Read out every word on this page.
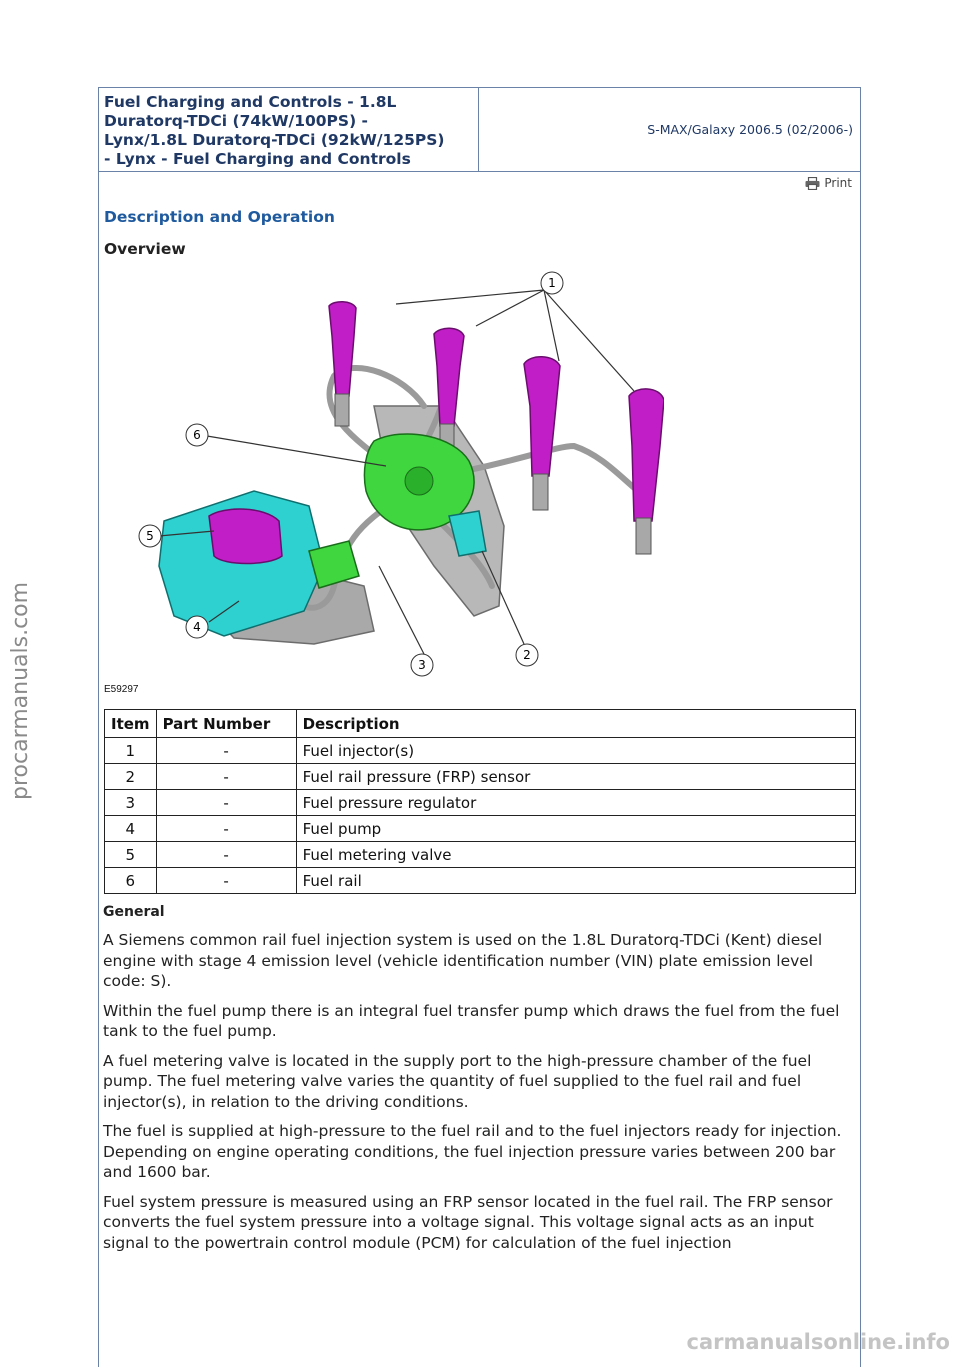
Fuel Charging and Controls - 1.8L
Duratorq-TDCi (74kW/100PS) -
Lynx/1.8L Duratorq-TDCi (92kW/125PS)
- Lynx - Fuel Charging and Controls
S-MAX/Galaxy 2006.5 (02/2006-)
Print
Description and Operation
Overview
1
2
3
4
5
6
E59297
Item	Part Number	Description
1	-	Fuel injector(s)
2	-	Fuel rail pressure (FRP) sensor
3	-	Fuel pressure regulator
4	-	Fuel pump
5	-	Fuel metering valve
6	-	Fuel rail
General

A Siemens common rail fuel injection system is used on the 1.8L Duratorq-TDCi (Kent) diesel engine with stage 4 emission level (vehicle identification number (VIN) plate emission level code: S).

Within the fuel pump there is an integral fuel transfer pump which draws the fuel from the fuel tank to the fuel pump.

A fuel metering valve is located in the supply port to the high-pressure chamber of the fuel pump. The fuel metering valve varies the quantity of fuel supplied to the fuel rail and fuel injector(s), in relation to the driving conditions.

The fuel is supplied at high-pressure to the fuel rail and to the fuel injectors ready for injection. Depending on engine operating conditions, the fuel injection pressure varies between 200 bar and 1600 bar.

Fuel system pressure is measured using an FRP sensor located in the fuel rail. The FRP sensor converts the fuel system pressure into a voltage signal. This voltage signal acts as an input signal to the powertrain control module (PCM) for calculation of the fuel injection

procarmanuals.com
carmanualsonline.info
